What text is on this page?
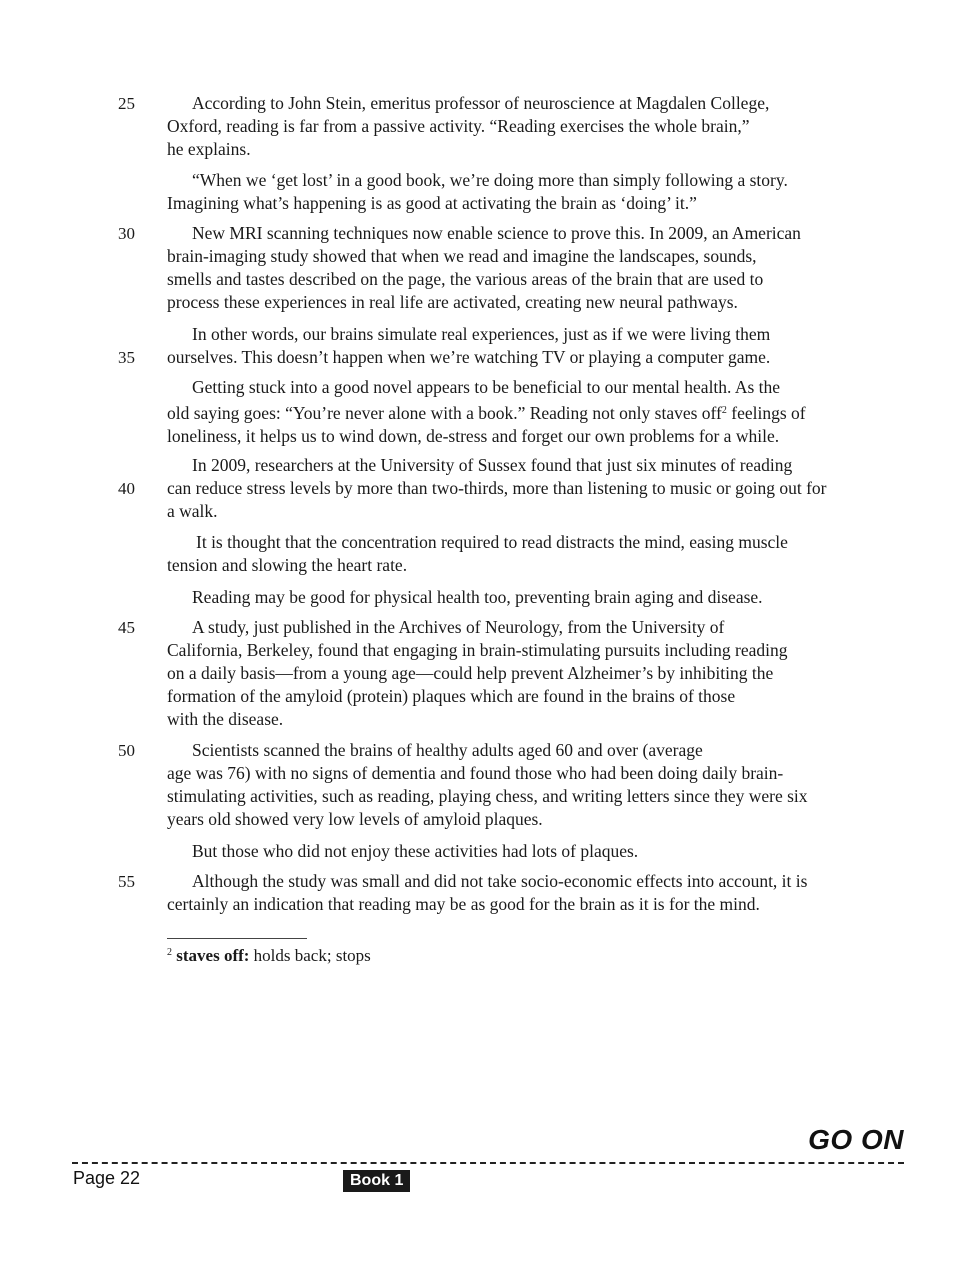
25
30
35
40
45
50
55

According to John Stein, emeritus professor of neuroscience at Magdalen College,
Oxford, reading is far from a passive activity. “Reading exercises the whole brain,”
he explains.

“When we ‘get lost’ in a good book, we’re doing more than simply following a story.
Imagining what’s happening is as good at activating the brain as ‘doing’ it.”

New MRI scanning techniques now enable science to prove this. In 2009, an American
brain-imaging study showed that when we read and imagine the landscapes, sounds,
smells and tastes described on the page, the various areas of the brain that are used to
process these experiences in real life are activated, creating new neural pathways.

In other words, our brains simulate real experiences, just as if we were living them
ourselves. This doesn’t happen when we’re watching TV or playing a computer game.

Getting stuck into a good novel appears to be beneficial to our mental health. As the
old saying goes: “You’re never alone with a book.” Reading not only staves off$^2$ feelings of
loneliness, it helps us to wind down, de-stress and forget our own problems for a while.

In 2009, researchers at the University of Sussex found that just six minutes of reading
can reduce stress levels by more than two-thirds, more than listening to music or going out for
a walk.

It is thought that the concentration required to read distracts the mind, easing muscle
tension and slowing the heart rate.

Reading may be good for physical health too, preventing brain aging and disease.

A study, just published in the Archives of Neurology, from the University of
California, Berkeley, found that engaging in brain-stimulating pursuits including reading
on a daily basis—from a young age—could help prevent Alzheimer’s by inhibiting the
formation of the amyloid (protein) plaques which are found in the brains of those
with the disease.

Scientists scanned the brains of healthy adults aged 60 and over (average
age was 76) with no signs of dementia and found those who had been doing daily brain-
stimulating activities, such as reading, playing chess, and writing letters since they were six
years old showed very low levels of amyloid plaques.

But those who did not enjoy these activities had lots of plaques.

Although the study was small and did not take socio-economic effects into account, it is
certainly an indication that reading may be as good for the brain as it is for the mind.

$^2$ staves off: holds back; stops
GO ON
Page 22	Book 1
